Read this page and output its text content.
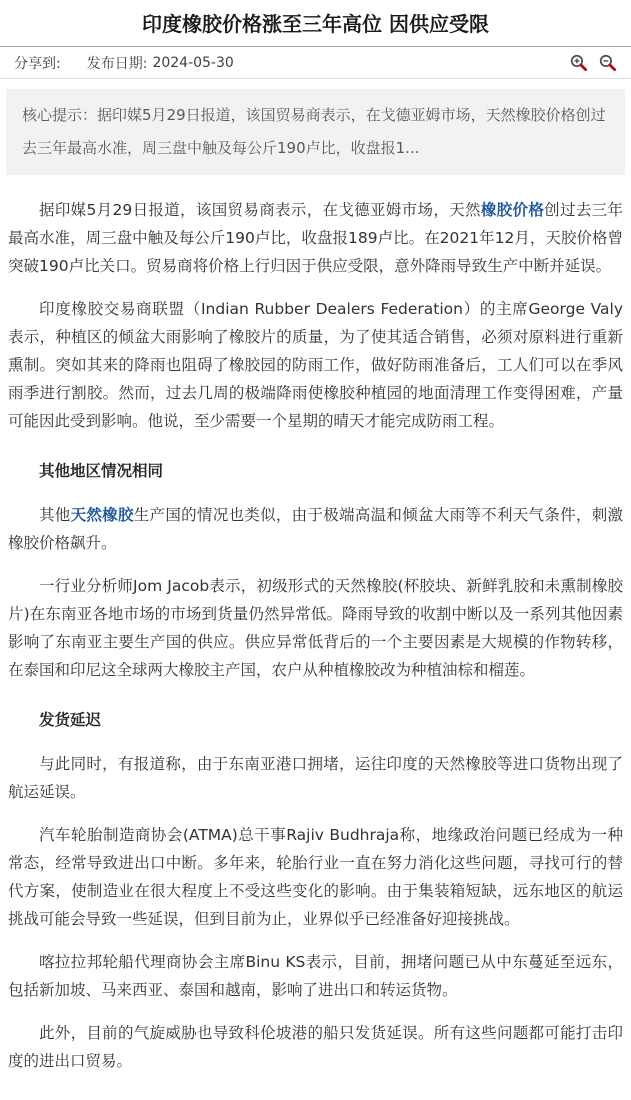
印度橡胶价格涨至三年高位 因供应受限
分享到: 发布日期: 2024-05-30
核心提示：据印媒5月29日报道，该国贸易商表示，在戈德亚姆市场，天然橡胶价格创过去三年最高水准，周三盘中触及每公斤190卢比，收盘报1...

据印媒5月29日报道，该国贸易商表示，在戈德亚姆市场，天然橡胶价格创过去三年最高水准，周三盘中触及每公斤190卢比，收盘报189卢比。在2021年12月，天胶价格曾突破190卢比关口。贸易商将价格上行归因于供应受限，意外降雨导致生产中断并延误。

印度橡胶交易商联盟（Indian Rubber Dealers Federation）的主席George Valy表示，种植区的倾盆大雨影响了橡胶片的质量，为了使其适合销售，必须对原料进行重新熏制。突如其来的降雨也阻碍了橡胶园的防雨工作，做好防雨准备后，工人们可以在季风雨季进行割胶。然而，过去几周的极端降雨使橡胶种植园的地面清理工作变得困难，产量可能因此受到影响。他说，至少需要一个星期的晴天才能完成防雨工程。

其他地区情况相同

其他天然橡胶生产国的情况也类似，由于极端高温和倾盆大雨等不利天气条件，刺激橡胶价格飙升。

一行业分析师Jom Jacob表示，初级形式的天然橡胶(杯胶块、新鲜乳胶和未熏制橡胶片)在东南亚各地市场的市场到货量仍然异常低。降雨导致的收割中断以及一系列其他因素影响了东南亚主要生产国的供应。供应异常低背后的一个主要因素是大规模的作物转移，在泰国和印尼这全球两大橡胶主产国，农户从种植橡胶改为种植油棕和榴莲。

发货延迟

与此同时，有报道称，由于东南亚港口拥堵，运往印度的天然橡胶等进口货物出现了航运延误。

汽车轮胎制造商协会(ATMA)总干事Rajiv Budhraja称，地缘政治问题已经成为一种常态，经常导致进出口中断。多年来，轮胎行业一直在努力消化这些问题，寻找可行的替代方案，使制造业在很大程度上不受这些变化的影响。由于集装箱短缺，远东地区的航运挑战可能会导致一些延误，但到目前为止，业界似乎已经准备好迎接挑战。

喀拉拉邦轮船代理商协会主席Binu KS表示，目前，拥堵问题已从中东蔓延至远东，包括新加坡、马来西亚、泰国和越南，影响了进出口和转运货物。

此外，目前的气旋威胁也导致科伦坡港的船只发货延误。所有这些问题都可能打击印度的进出口贸易。
